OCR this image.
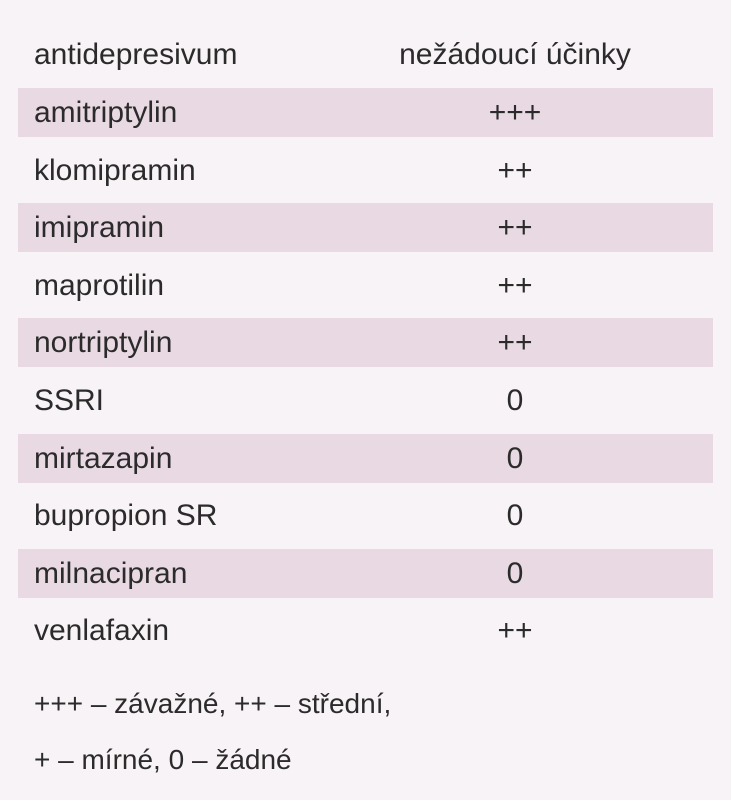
antidepresivum	nežádoucí účinky
amitriptylin	+++
klomipramin	++
imipramin	++
maprotilin	++
nortriptylin	++
SSRI	0
mirtazapin	0
bupropion SR	0
milnacipran	0
venlafaxin	++
+++ – závažné, ++ – střední,
+ – mírné, 0 – žádné
